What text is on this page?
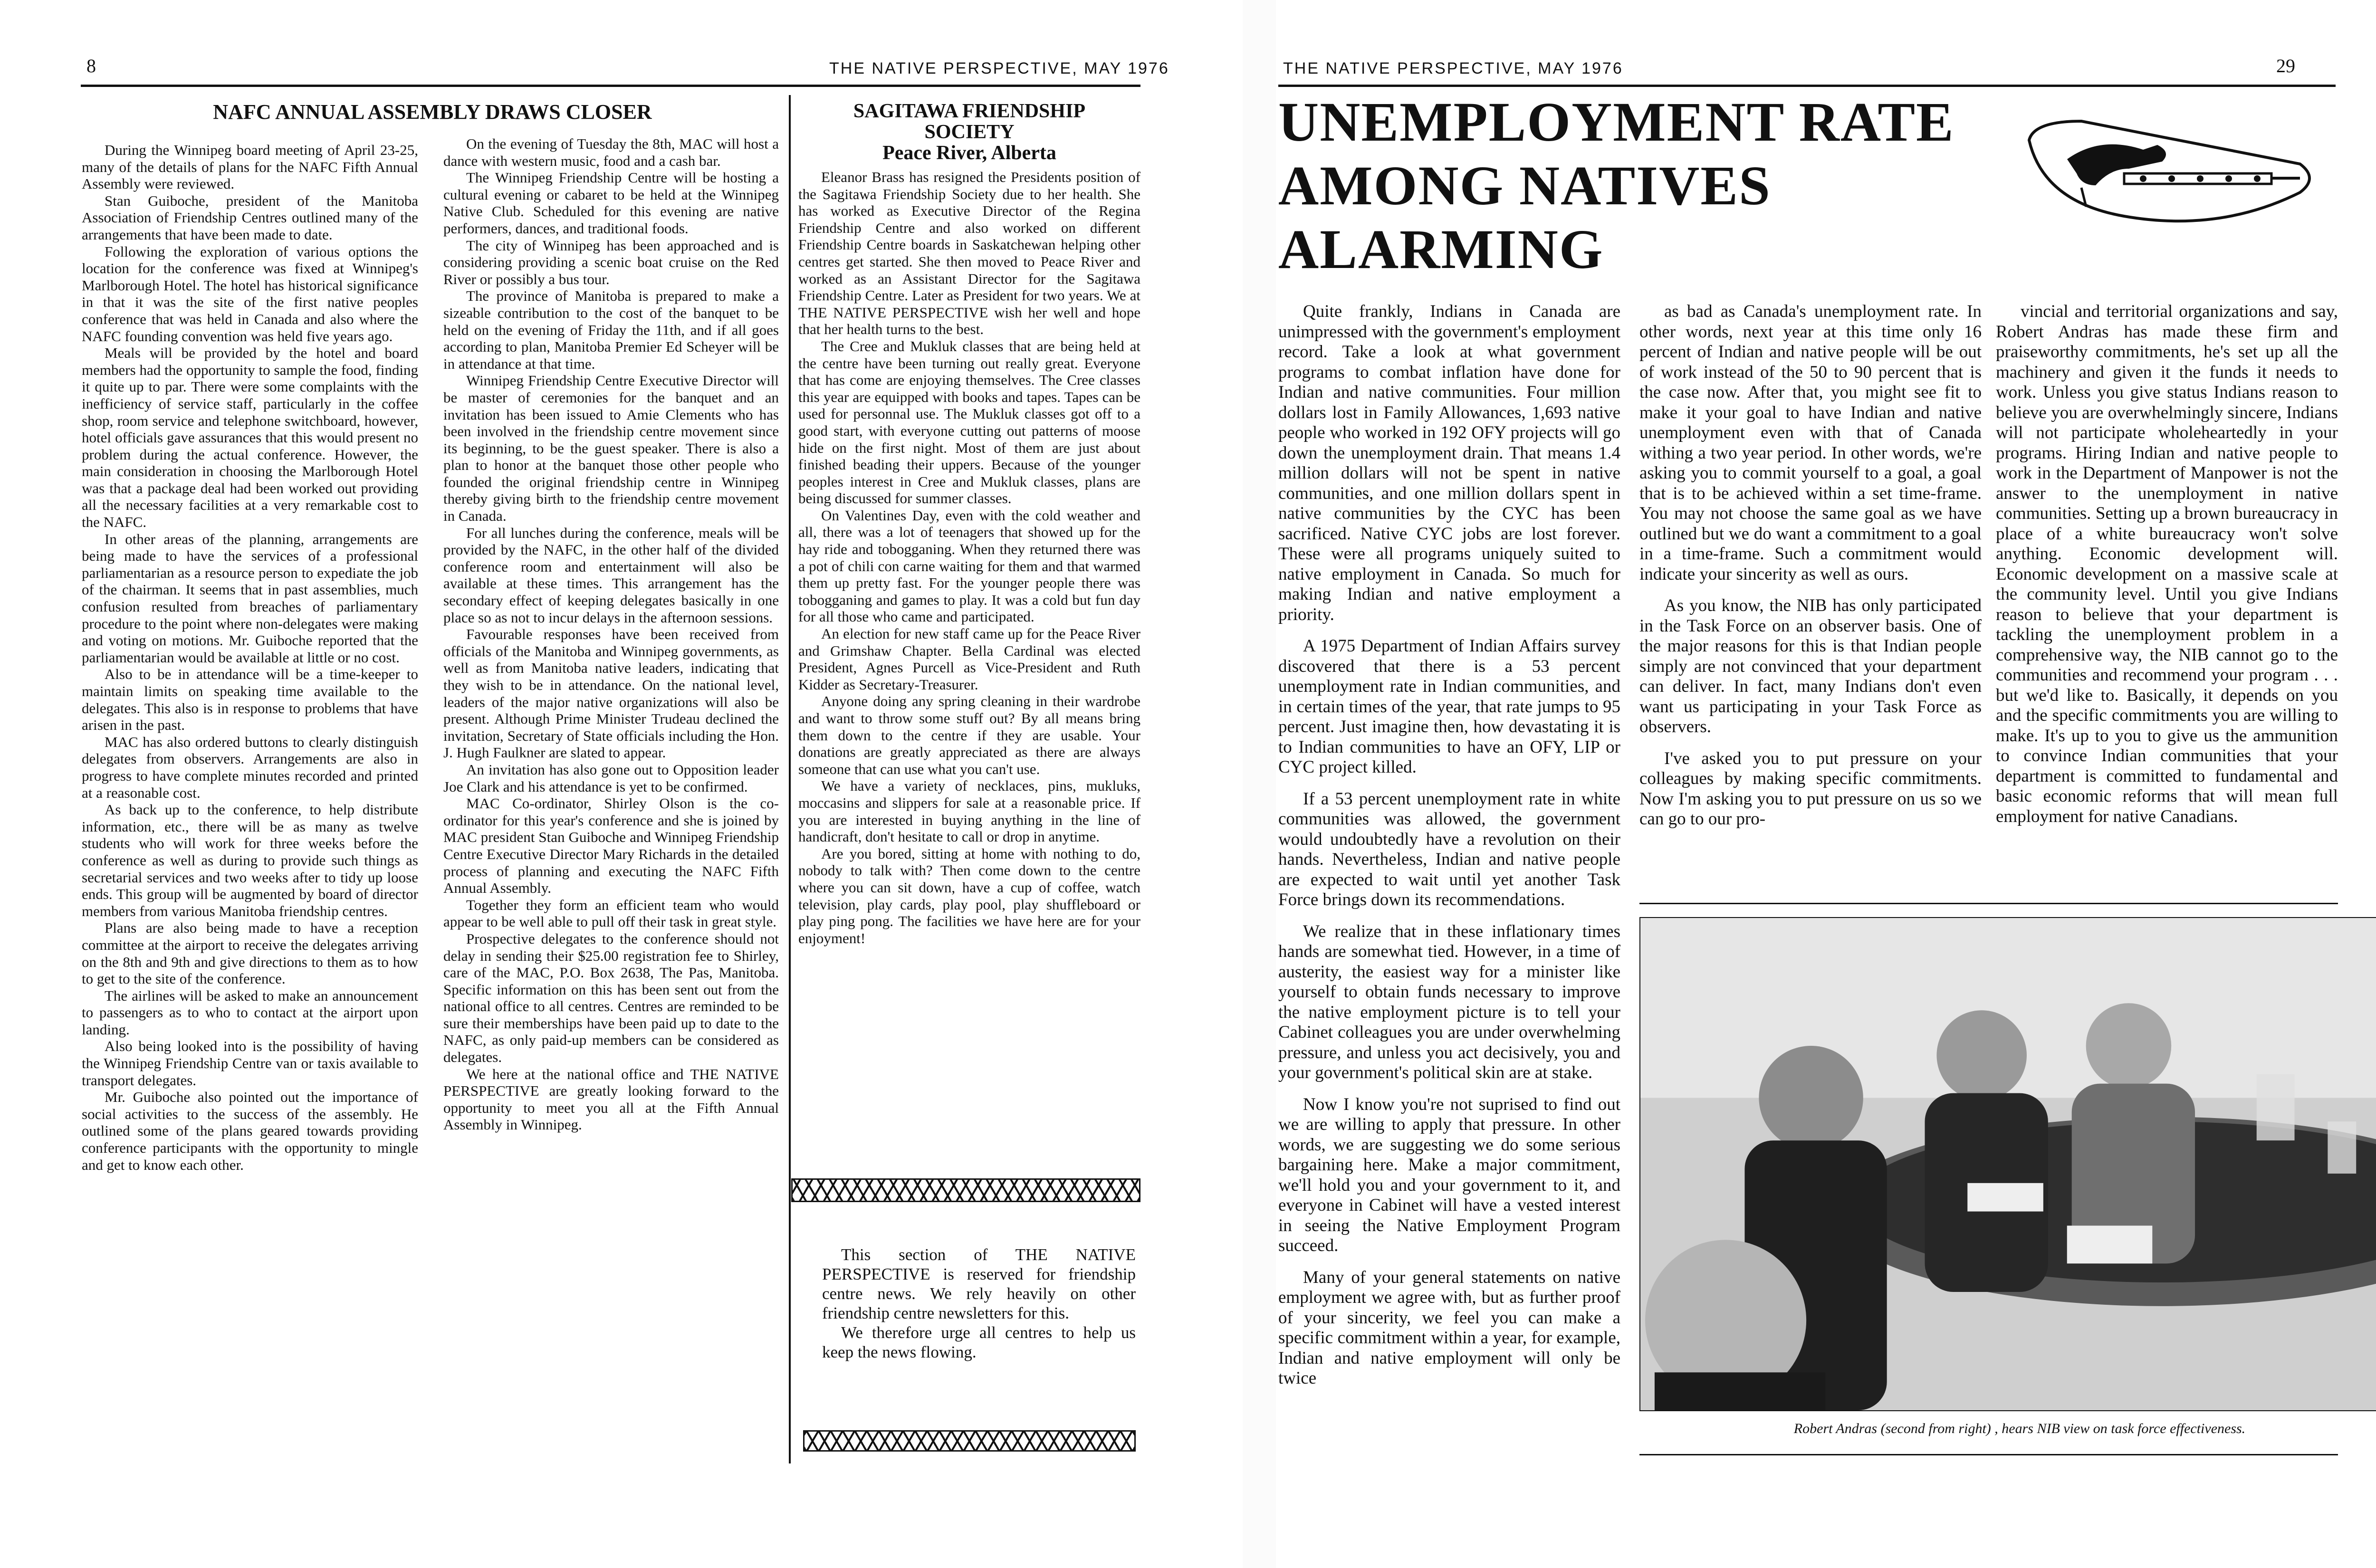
8	THE NATIVE PERSPECTIVE, MAY 1976
NAFC ANNUAL ASSEMBLY DRAWS CLOSER

During the Winnipeg board meeting of April 23-25, many of the details of plans for the NAFC Fifth Annual Assembly were reviewed.

Stan Guiboche, president of the Manitoba Association of Friendship Centres outlined many of the arrangements that have been made to date.

Following the exploration of various options the location for the conference was fixed at Winnipeg's Marlborough Hotel. The hotel has historical significance in that it was the site of the first native peoples conference that was held in Canada and also where the NAFC founding convention was held five years ago.

Meals will be provided by the hotel and board members had the opportunity to sample the food, finding it quite up to par. There were some complaints with the inefficiency of service staff, particularly in the coffee shop, room service and telephone switchboard, however, hotel officials gave assurances that this would present no problem during the actual conference. However, the main consideration in choosing the Marlborough Hotel was that a package deal had been worked out providing all the necessary facilities at a very remarkable cost to the NAFC.

In other areas of the planning, arrangements are being made to have the services of a professional parliamentarian as a resource person to expediate the job of the chairman. It seems that in past assemblies, much confusion resulted from breaches of parliamentary procedure to the point where non-delegates were making and voting on motions. Mr. Guiboche reported that the parliamentarian would be available at little or no cost.

Also to be in attendance will be a time-keeper to maintain limits on speaking time available to the delegates. This also is in response to problems that have arisen in the past.

MAC has also ordered buttons to clearly distinguish delegates from observers. Arrangements are also in progress to have complete minutes recorded and printed at a reasonable cost.

As back up to the conference, to help distribute information, etc., there will be as many as twelve students who will work for three weeks before the conference as well as during to provide such things as secretarial services and two weeks after to tidy up loose ends. This group will be augmented by board of director members from various Manitoba friendship centres.

Plans are also being made to have a reception committee at the airport to receive the delegates arriving on the 8th and 9th and give directions to them as to how to get to the site of the conference.

The airlines will be asked to make an announcement to passengers as to who to contact at the airport upon landing.

Also being looked into is the possibility of having the Winnipeg Friendship Centre van or taxis available to transport delegates.

Mr. Guiboche also pointed out the importance of social activities to the success of the assembly. He outlined some of the plans geared towards providing conference participants with the opportunity to mingle and get to know each other.

On the evening of Tuesday the 8th, MAC will host a dance with western music, food and a cash bar.

The Winnipeg Friendship Centre will be hosting a cultural evening or cabaret to be held at the Winnipeg Native Club. Scheduled for this evening are native performers, dances, and traditional foods.

The city of Winnipeg has been approached and is considering providing a scenic boat cruise on the Red River or possibly a bus tour.

The province of Manitoba is prepared to make a sizeable contribution to the cost of the banquet to be held on the evening of Friday the 11th, and if all goes according to plan, Manitoba Premier Ed Scheyer will be in attendance at that time.

Winnipeg Friendship Centre Executive Director will be master of ceremonies for the banquet and an invitation has been issued to Amie Clements who has been involved in the friendship centre movement since its beginning, to be the guest speaker. There is also a plan to honor at the banquet those other people who founded the original friendship centre in Winnipeg thereby giving birth to the friendship centre movement in Canada.

For all lunches during the conference, meals will be provided by the NAFC, in the other half of the divided conference room and entertainment will also be available at these times. This arrangement has the secondary effect of keeping delegates basically in one place so as not to incur delays in the afternoon sessions.

Favourable responses have been received from officials of the Manitoba and Winnipeg governments, as well as from Manitoba native leaders, indicating that they wish to be in attendance. On the national level, leaders of the major native organizations will also be present. Although Prime Minister Trudeau declined the invitation, Secretary of State officials including the Hon. J. Hugh Faulkner are slated to appear.

An invitation has also gone out to Opposition leader Joe Clark and his attendance is yet to be confirmed.

MAC Co-ordinator, Shirley Olson is the co-ordinator for this year's conference and she is joined by MAC president Stan Guiboche and Winnipeg Friendship Centre Executive Director Mary Richards in the detailed process of planning and executing the NAFC Fifth Annual Assembly.

Together they form an efficient team who would appear to be well able to pull off their task in great style.

Prospective delegates to the conference should not delay in sending their $25.00 registration fee to Shirley, care of the MAC, P.O. Box 2638, The Pas, Manitoba. Specific information on this has been sent out from the national office to all centres. Centres are reminded to be sure their memberships have been paid up to date to the NAFC, as only paid-up members can be considered as delegates.

We here at the national office and THE NATIVE PERSPECTIVE are greatly looking forward to the opportunity to meet you all at the Fifth Annual Assembly in Winnipeg.

SAGITAWA FRIENDSHIP
SOCIETY
Peace River, Alberta

Eleanor Brass has resigned the Presidents position of the Sagitawa Friendship Society due to her health. She has worked as Executive Director of the Regina Friendship Centre and also worked on different Friendship Centre boards in Saskatchewan helping other centres get started. She then moved to Peace River and worked as an Assistant Director for the Sagitawa Friendship Centre. Later as President for two years. We at THE NATIVE PERSPECTIVE wish her well and hope that her health turns to the best.

The Cree and Mukluk classes that are being held at the centre have been turning out really great. Everyone that has come are enjoying themselves. The Cree classes this year are equipped with books and tapes. Tapes can be used for personnal use. The Mukluk classes got off to a good start, with everyone cutting out patterns of moose hide on the first night. Most of them are just about finished beading their uppers. Because of the younger peoples interest in Cree and Mukluk classes, plans are being discussed for summer classes.

On Valentines Day, even with the cold weather and all, there was a lot of teenagers that showed up for the hay ride and tobogganing. When they returned there was a pot of chili con carne waiting for them and that warmed them up pretty fast. For the younger people there was tobogganing and games to play. It was a cold but fun day for all those who came and participated.

An election for new staff came up for the Peace River and Grimshaw Chapter. Bella Cardinal was elected President, Agnes Purcell as Vice-President and Ruth Kidder as Secretary-Treasurer.

Anyone doing any spring cleaning in their wardrobe and want to throw some stuff out? By all means bring them down to the centre if they are usable. Your donations are greatly appreciated as there are always someone that can use what you can't use.

We have a variety of necklaces, pins, mukluks, moccasins and slippers for sale at a reasonable price. If you are interested in buying anything in the line of handicraft, don't hesitate to call or drop in anytime.

Are you bored, sitting at home with nothing to do, nobody to talk with? Then come down to the centre where you can sit down, have a cup of coffee, watch television, play cards, play pool, play shuffleboard or play ping pong. The facilities we have here are for your enjoyment!

This section of THE NATIVE PERSPECTIVE is reserved for friendship centre news. We rely heavily on other friendship centre newsletters for this.

We therefore urge all centres to help us keep the news flowing.

THE NATIVE PERSPECTIVE, MAY 1976	29
UNEMPLOYMENT RATE
AMONG NATIVES
ALARMING

Quite frankly, Indians in Canada are unimpressed with the government's employment record. Take a look at what government programs to combat inflation have done for Indian and native communities. Four million dollars lost in Family Allowances, 1,693 native people who worked in 192 OFY projects will go down the unemployment drain. That means 1.4 million dollars will not be spent in native communities, and one million dollars spent in native communities by the CYC has been sacrificed. Native CYC jobs are lost forever. These were all programs uniquely suited to native employment in Canada. So much for making Indian and native employment a priority.

A 1975 Department of Indian Affairs survey discovered that there is a 53 percent unemployment rate in Indian communities, and in certain times of the year, that rate jumps to 95 percent. Just imagine then, how devastating it is to Indian communities to have an OFY, LIP or CYC project killed.

If a 53 percent unemployment rate in white communities was allowed, the government would undoubtedly have a revolution on their hands. Nevertheless, Indian and native people are expected to wait until yet another Task Force brings down its recommendations.

We realize that in these inflationary times hands are somewhat tied. However, in a time of austerity, the easiest way for a minister like yourself to obtain funds necessary to improve the native employment picture is to tell your Cabinet colleagues you are under overwhelming pressure, and unless you act decisively, you and your government's political skin are at stake.

Now I know you're not suprised to find out we are willing to apply that pressure. In other words, we are suggesting we do some serious bargaining here. Make a major commitment, we'll hold you and your government to it, and everyone in Cabinet will have a vested interest in seeing the Native Employment Program succeed.

Many of your general statements on native employment we agree with, but as further proof of your sincerity, we feel you can make a specific commitment within a year, for example, Indian and native employment will only be twice

as bad as Canada's unemployment rate. In other words, next year at this time only 16 percent of Indian and native people will be out of work instead of the 50 to 90 percent that is the case now. After that, you might see fit to make it your goal to have Indian and native unemployment even with that of Canada withing a two year period. In other words, we're asking you to commit yourself to a goal, a goal that is to be achieved within a set time-frame. You may not choose the same goal as we have outlined but we do want a commitment to a goal in a time-frame. Such a commitment would indicate your sincerity as well as ours.

As you know, the NIB has only participated in the Task Force on an observer basis. One of the major reasons for this is that Indian people simply are not convinced that your department can deliver. In fact, many Indians don't even want us participating in your Task Force as observers.

I've asked you to put pressure on your colleagues by making specific commitments. Now I'm asking you to put pressure on us so we can go to our pro-

vincial and territorial organizations and say, Robert Andras has made these firm and praiseworthy commitments, he's set up all the machinery and given it the funds it needs to work. Unless you give status Indians reason to believe you are overwhelmingly sincere, Indians will not participate wholeheartedly in your programs. Hiring Indian and native people to work in the Department of Manpower is not the answer to the unemployment in native communities. Setting up a brown bureaucracy in place of a white bureaucracy won't solve anything. Economic development will. Economic development on a massive scale at the community level. Until you give Indians reason to believe that your department is tackling the unemployment problem in a comprehensive way, the NIB cannot go to the communities and recommend your program . . . but we'd like to. Basically, it depends on you and the specific commitments you are willing to make. It's up to you to give us the ammunition to convince Indian communities that your department is committed to fundamental and basic economic reforms that will mean full employment for native Canadians.

Robert Andras (second from right) , hears NIB view on task force effectiveness.
